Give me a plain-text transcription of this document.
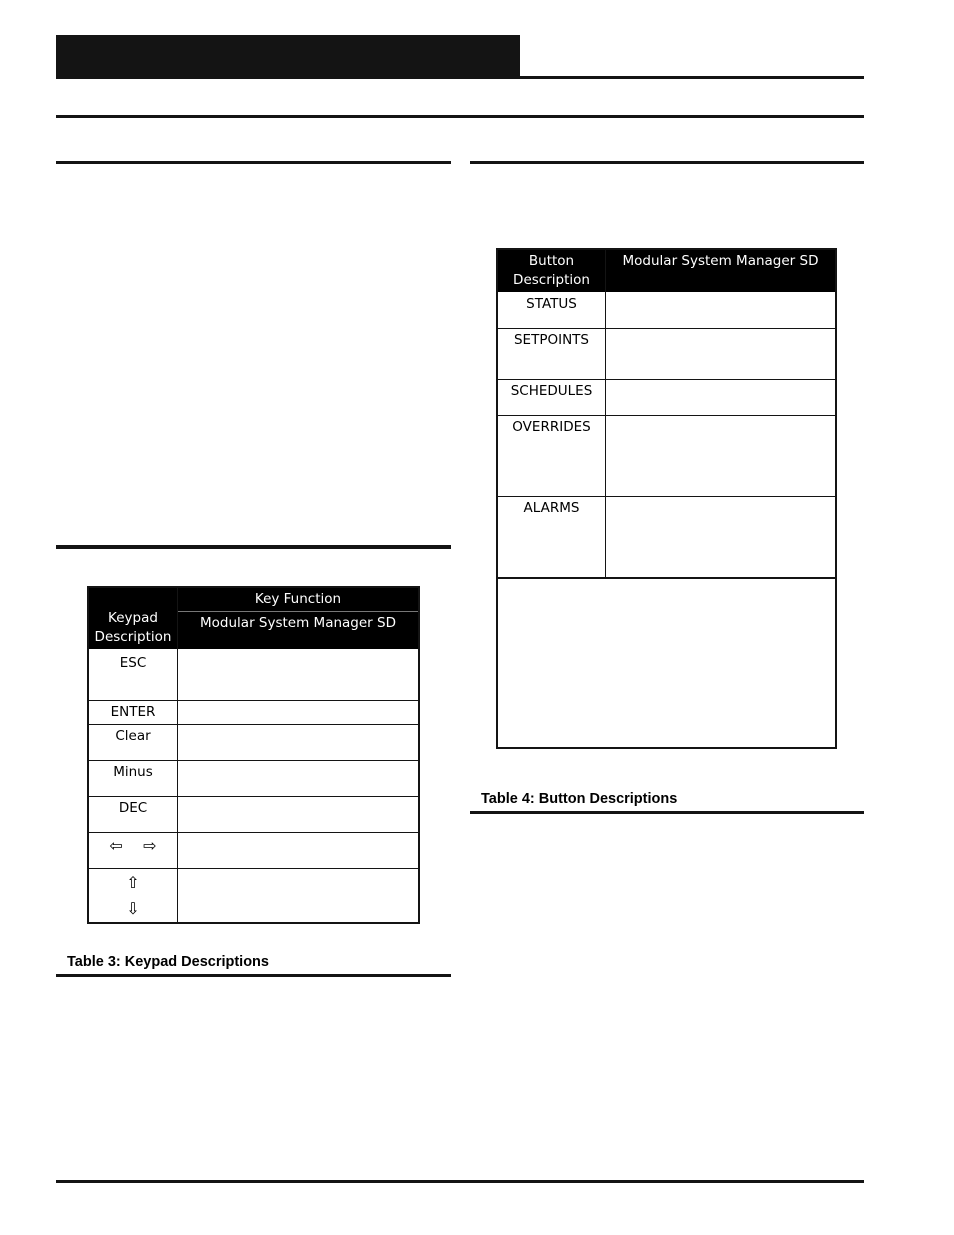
Keypad
Description
Key Function
Modular System Manager SD
ESC
ENTER
Clear
Minus
DEC
⇦    ⇨
⇧
⇩
Table 3: Keypad Descriptions
Button
Description
Modular System Manager SD
STATUS
SETPOINTS
SCHEDULES
OVERRIDES
ALARMS
Table 4: Button Descriptions
